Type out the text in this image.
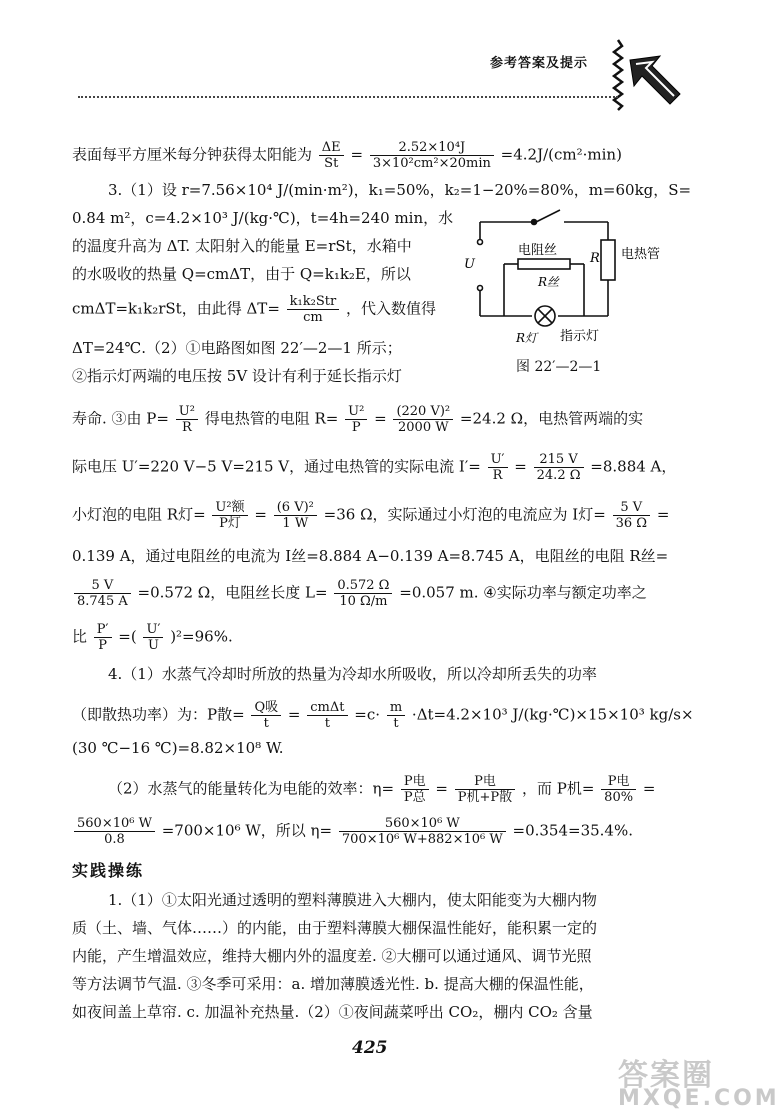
参考答案及提示
表面每平方厘米每分钟获得太阳能为 $\frac{\Delta E}{St} = \frac{\text{2.52×10⁴J}}{\text{3×10²cm²×20min}} =4.2J/(cm^2\cdot\min)$
3.（1）设 r=7.56×10⁴ J/(min·m²)，k₁=50%，k₂=1−20%=80%，m=60kg，S=
0.84 m²，c=4.2×10³ J/(kg·℃)，t=4h=240 min，水
的温度升高为 ΔT. 太阳射入的能量 E=rSt，水箱中
的水吸收的热量 Q=cmΔT，由于 Q=k₁k₂E，所以
cmΔT=k₁k₂rSt，由此得 $\Delta T= \frac{\text{k₁k₂Str}}{cm}$ ，代入数值得
ΔT=24℃.（2）①电路图如图 22′—2—1 所示；
②指示灯两端的电压按 5V 设计有利于延长指示灯
寿命. ③由 $P= \frac{\text{U²}}{R}$ 得电热管的电阻 $R= \frac{\text{U²}}{P} = \frac{\text{(220 V)²}}{2000 W} =24.2$ Ω，电热管两端的实
际电压 U′=220 V−5 V=215 V，通过电热管的实际电流 $I'= \frac{U'}{R} = \frac{215 V}{24.2 \Omega} =8.884$ A，
小灯泡的电阻 R灯= $\frac{\text{U²额}}{\text{P灯}} = \frac{\text{(6 V)²}}{1 W} =36$ Ω，实际通过小灯泡的电流应为 I灯= $\frac{5 V}{36 \Omega}$ =
0.139 A，通过电阻丝的电流为 I丝=8.884 A−0.139 A=8.745 A，电阻丝的电阻 R丝=
$\frac{5 V}{8.745 A} =0.572$ Ω，电阻丝长度 $L= \frac{0.572 \Omega}{10 \Omega/m} =0.057$ m. ④实际功率与额定功率之
比 $\frac{P'}{P}$ =( $\frac{U'}{U} )^2=96\%$.
电阻丝
R丝
电热管
R
U
R灯 指示灯
图 22′—2—1
4.（1）水蒸气冷却时所放的热量为冷却水所吸收，所以冷却所丢失的功率
（即散热功率）为：P散= $\frac{\text{Q吸}}{t} = \frac{\text{cmΔt}}{t} =c\cdot \frac{m}{t} \cdot\Delta t=4.2\times 10^3$ J/(kg·℃)×15×10³ kg/s×
(30 ℃−16 ℃)=8.82×10⁸ W.
（2）水蒸气的能量转化为电能的效率：$\eta= \frac{\text{P电}}{\text{P总}} = \frac{\text{P电}}{\text{P机+P散}}$ ，而 P机= $\frac{\text{P电}}{80\%}$ =
$\frac{\text{560×10⁶ W}}{0.8} =700\times 10^6$ W，所以 $\eta= \frac{\text{560×10⁶ W}}{\text{700×10⁶ W+882×10⁶ W}} =0.354=35.4\%$.
实践操练
1.（1）①太阳光通过透明的塑料薄膜进入大棚内，使太阳能变为大棚内物
质（土、墙、气体……）的内能，由于塑料薄膜大棚保温性能好，能积累一定的
内能，产生增温效应，维持大棚内外的温度差. ②大棚可以通过通风、调节光照
等方法调节气温. ③冬季可采用：a. 增加薄膜透光性. b. 提高大棚的保温性能，
如夜间盖上草帘. c. 加温补充热量.（2）①夜间蔬菜呼出 CO₂，棚内 CO₂ 含量
425
答案圈
MXQE.COM
